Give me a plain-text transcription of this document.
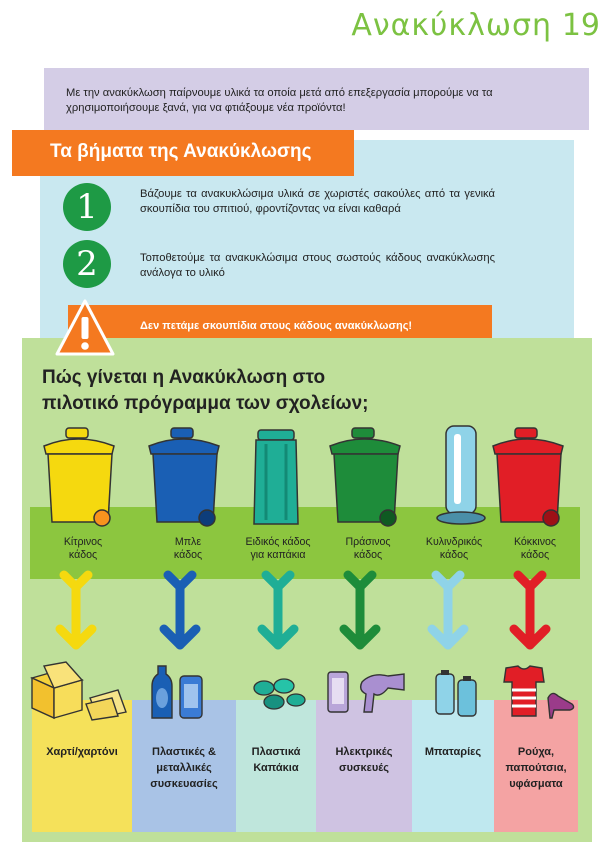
Ανακύκλωση 19
Με την ανακύκλωση παίρνουμε υλικά τα οποία μετά από επεξεργασία μπορούμε να τα χρησιμοποιήσουμε ξανά, για να φτιάξουμε νέα προϊόντα!
Τα βήματα της Ανακύκλωσης
1	Βάζουμε τα ανακυκλώσιμα υλικά σε χωριστές σακούλες από τα γενικά σκουπίδια του σπιτιού, φροντίζοντας να είναι καθαρά
2	Τοποθετούμε τα ανακυκλώσιμα στους σωστούς κάδους ανακύκλωσης ανάλογα το υλικό
Δεν πετάμε σκουπίδια στους κάδους ανακύκλωσης!
Πώς γίνεται η Ανακύκλωση στο
πιλοτικό πρόγραμμα των σχολείων;
Κίτρινος
κάδος
Μπλε
κάδος
Ειδικός κάδος
για καπάκια
Πράσινος
κάδος
Κυλινδρικός
κάδος
Κόκκινος
κάδος
Χαρτί/χαρτόνι	Πλαστικές &
μεταλλικές
συσκευασίες
Πλαστικά
Καπάκια
Ηλεκτρικές
συσκευές
Μπαταρίες	Ρούχα,
παπούτσια,
υφάσματα
